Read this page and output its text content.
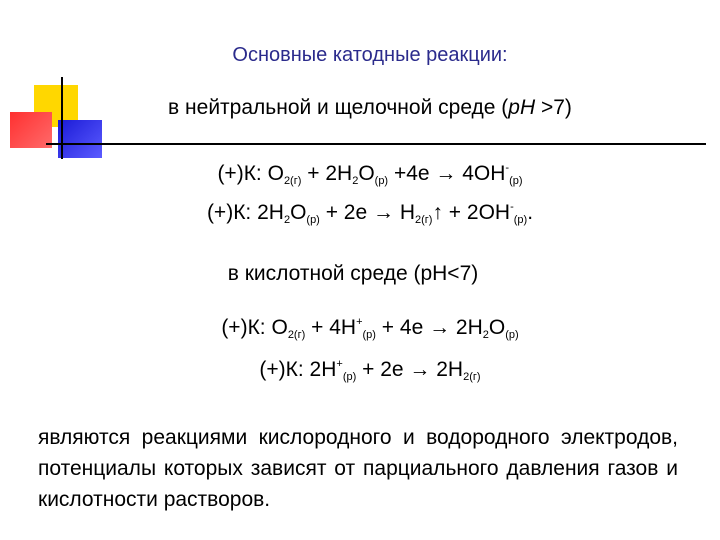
Основные катодные реакции:
в нейтральной и щелочной среде (pH >7)
(+)К: $О_{2(г)} + 2Н_2О_{(р)} +4е \to 4ОН^-_{(р)}$
(+)К: $2Н_2О_{(р)} + 2е$ → $Н_{2(г)}↑ + 2ОН^-_{(р)}$.
в кислотной среде (рН<7)
(+)К: $О_{2(г)} + 4Н^+_{(р)} + 4е \to 2Н_2О_{(р)}$
(+)К: $2Н^+_{(р)} + 2е \to 2Н_{2(г)}$
являются реакциями кислородного и водородного электродов, потенциалы которых зависят от парциального давления газов и кислотности растворов.
